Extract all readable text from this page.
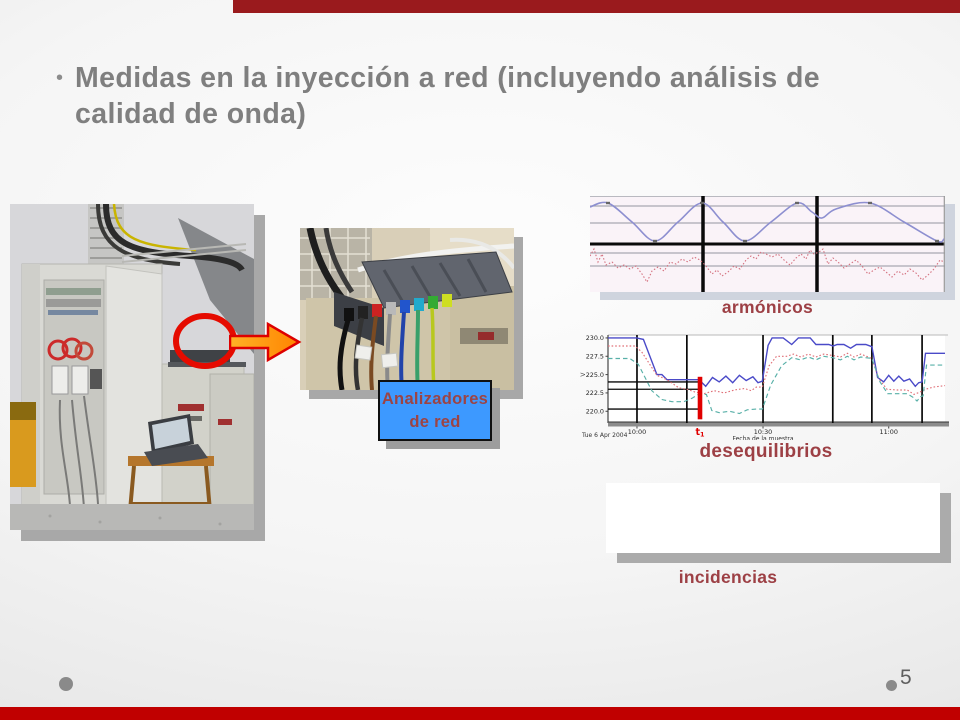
• Medidas en la inyección a red (incluyendo análisis de calidad de onda)
Analizadores
de red
armónicos
230.0
227.5
225.0
222.5
220.0
V
t1
10:00	10:30	11:00
Tue 6 Apr 2004	Fecha de la muestra
desequilibrios
incidencias
5
